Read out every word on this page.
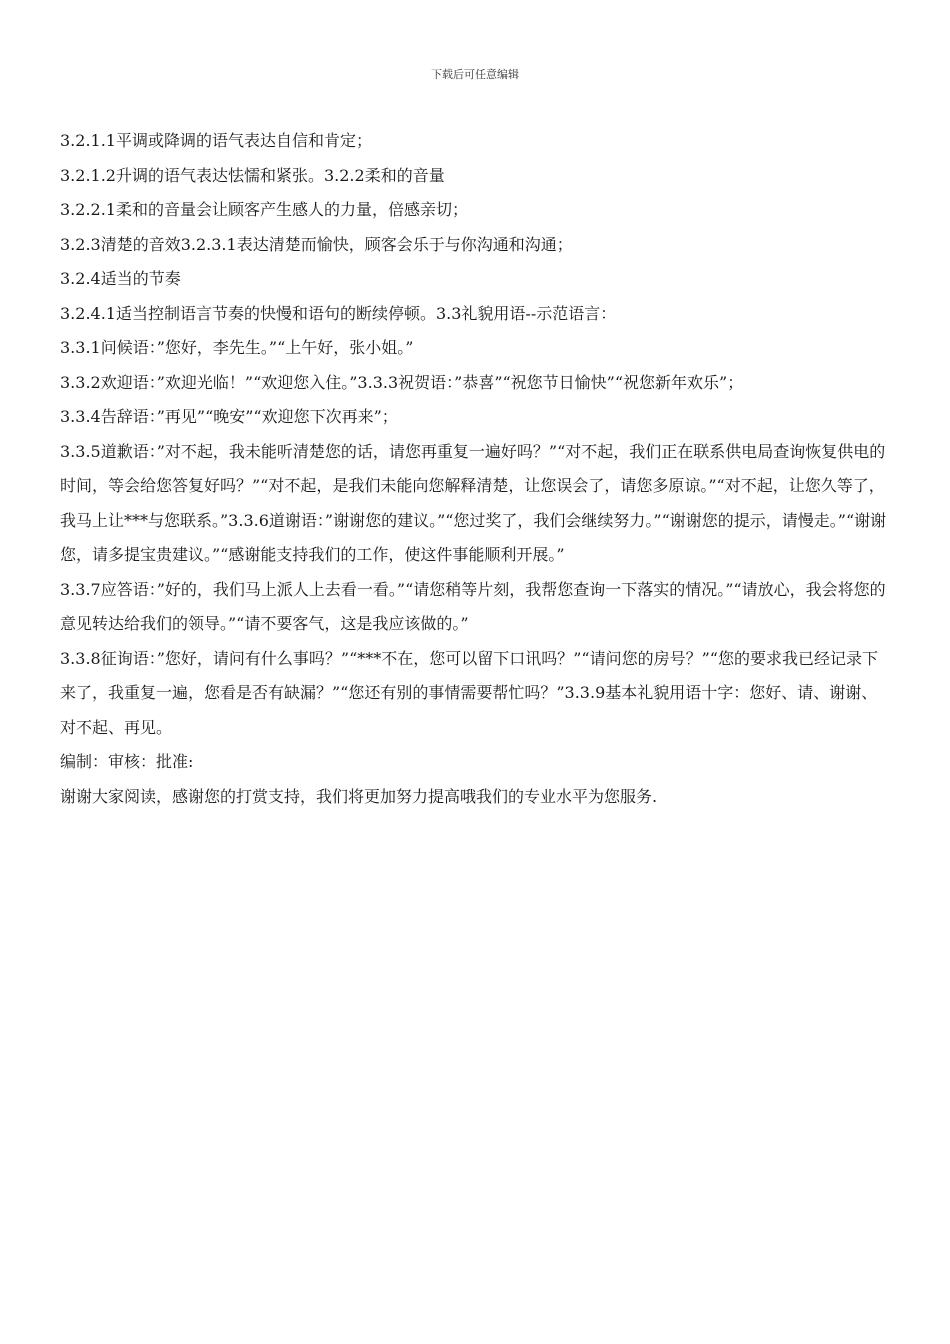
下载后可任意编辑

3.2.1.1平调或降调的语气表达自信和肯定；

3.2.1.2升调的语气表达怯懦和紧张。3.2.2柔和的音量

3.2.2.1柔和的音量会让顾客产生感人的力量，倍感亲切；

3.2.3清楚的音效3.2.3.1表达清楚而愉快，顾客会乐于与你沟通和沟通；

3.2.4适当的节奏

3.2.4.1适当控制语言节奏的快慢和语句的断续停顿。3.3礼貌用语--示范语言：

3.3.1问候语：”您好，李先生。”“上午好，张小姐。”

3.3.2欢迎语：”欢迎光临！”“欢迎您入住。”3.3.3祝贺语：”恭喜”“祝您节日愉快”“祝您新年欢乐”；

3.3.4告辞语：”再见”“晚安”“欢迎您下次再来”；

3.3.5道歉语：”对不起，我未能听清楚您的话，请您再重复一遍好吗？”“对不起，我们正在联系供电局查询恢复供电的时间，等会给您答复好吗？”“对不起，是我们未能向您解释清楚，让您误会了，请您多原谅。”“对不起，让您久等了，我马上让***与您联系。”3.3.6道谢语：”谢谢您的建议。”“您过奖了，我们会继续努力。”“谢谢您的提示，请慢走。”“谢谢您，请多提宝贵建议。”“感谢能支持我们的工作，使这件事能顺利开展。”

3.3.7应答语：”好的，我们马上派人上去看一看。”“请您稍等片刻，我帮您查询一下落实的情况。”“请放心，我会将您的意见转达给我们的领导。”“请不要客气，这是我应该做的。”

3.3.8征询语：”您好，请问有什么事吗？”“***不在，您可以留下口讯吗？”“请问您的房号？”“您的要求我已经记录下来了，我重复一遍，您看是否有缺漏？”“您还有别的事情需要帮忙吗？”3.3.9基本礼貌用语十字：您好、请、谢谢、对不起、再见。

编制：审核：批准:

谢谢大家阅读，感谢您的打赏支持，我们将更加努力提高哦我们的专业水平为您服务.
